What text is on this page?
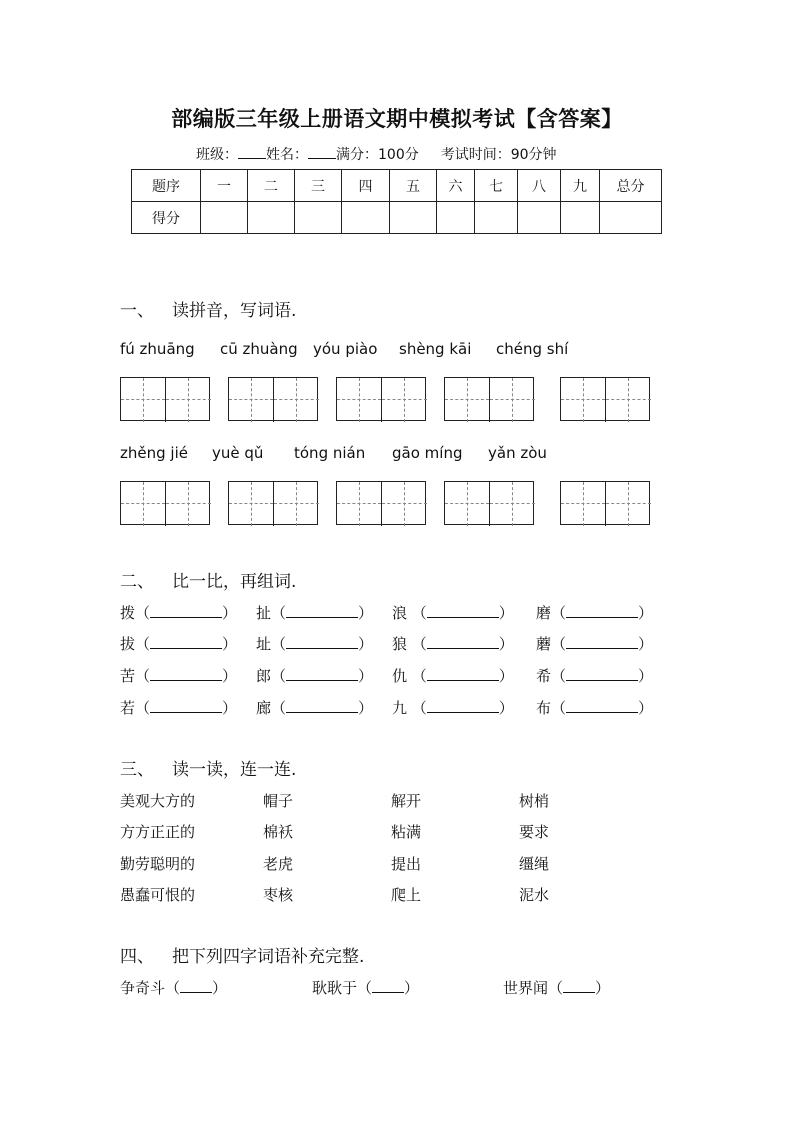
部编版三年级上册语文期中模拟考试【含答案】
班级： 姓名： 满分：100分 考试时间：90分钟
题序	一	二	三	四	五	六	七	八	九	总分
得分										
一、 读拼音，写词语.
fú zhuāng cū zhuàng yóu piào shèng kāi chéng shí
zhěng jié yuè qǔ tóng nián gāo míng yǎn zòu
二、 比一比，再组词.
拨（	） 扯（	） 浪 （	） 磨（	）
拔（	） 址（	） 狼 （	） 蘑（	）
苦（	） 郎（	） 仇 （	） 希（	）
若（	） 廊（	） 九 （	） 布（	）
三、 读一读，连一连.
美观大方的	帽子	解开	树梢
方方正正的	棉袄	粘满	要求
勤劳聪明的	老虎	提出	缰绳
愚蠢可恨的	枣核	爬上	泥水
四、 把下列四字词语补充完整.
争奇斗（ ）	耿耿于（ ）	世界闻（ ）
